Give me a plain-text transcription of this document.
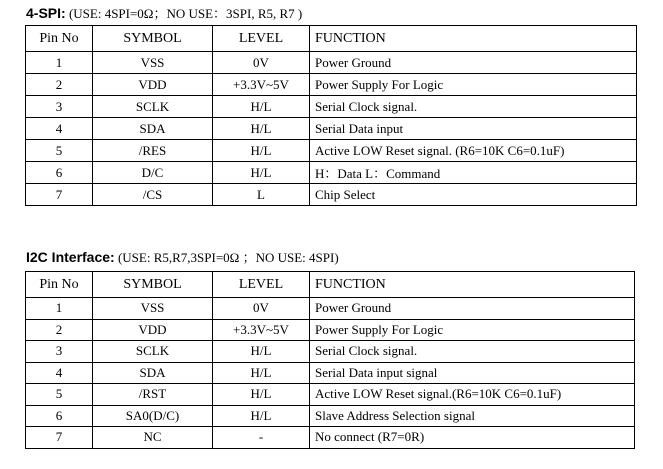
4-SPI: (USE: 4SPI=0Ω；NO USE：3SPI, R5, R7 )
Pin No	SYMBOL	LEVEL	FUNCTION
1	VSS	0V	Power Ground
2	VDD	+3.3V~5V	Power Supply For Logic
3	SCLK	H/L	Serial Clock signal.
4	SDA	H/L	Serial Data input
5	/RES	H/L	Active LOW Reset signal. (R6=10K C6=0.1uF)
6	D/C	H/L	H：Data L：Command
7	/CS	L	Chip Select
I2C Interface: (USE: R5,R7,3SPI=0Ω ；NO USE: 4SPI)
Pin No	SYMBOL	LEVEL	FUNCTION
1	VSS	0V	Power Ground
2	VDD	+3.3V~5V	Power Supply For Logic
3	SCLK	H/L	Serial Clock signal.
4	SDA	H/L	Serial Data input signal
5	/RST	H/L	Active LOW Reset signal.(R6=10K C6=0.1uF)
6	SA0(D/C)	H/L	Slave Address Selection signal
7	NC	-	No connect (R7=0R)
